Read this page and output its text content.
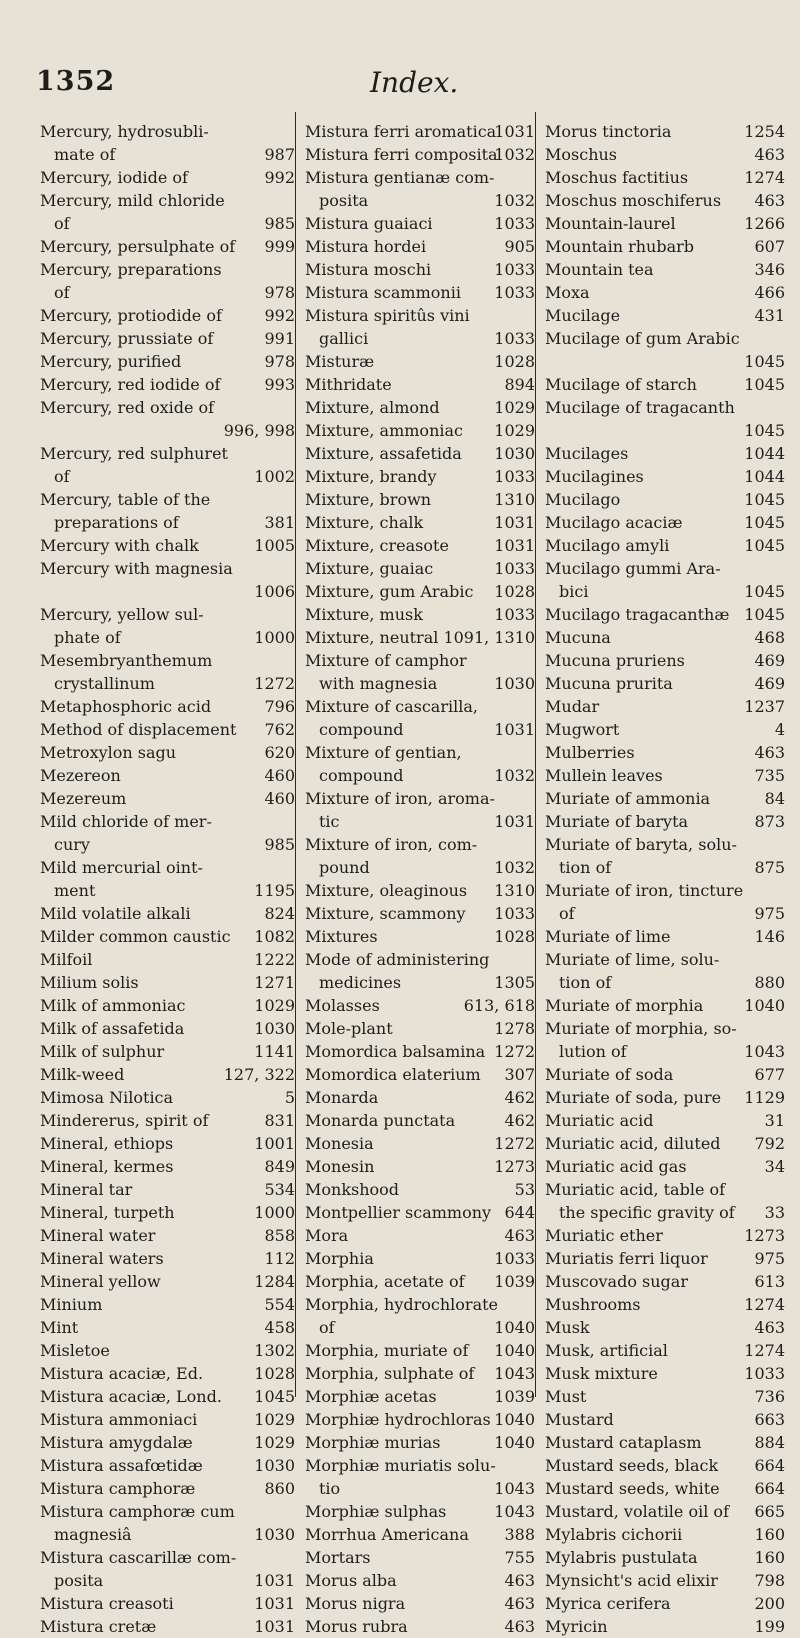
1352	Index.
Mercury, hydrosubli-
mate of	987
Mercury, iodide of	992
Mercury, mild chloride
of	985
Mercury, persulphate of	999
Mercury, preparations
of	978
Mercury, protiodide of	992
Mercury, prussiate of	991
Mercury, purified	978
Mercury, red iodide of	993
Mercury, red oxide of

996, 998
Mercury, red sulphuret
of	1002
Mercury, table of the
preparations of	381
Mercury with chalk	1005
Mercury with magnesia

1006
Mercury, yellow sul-
phate of	1000
Mesembryanthemum
crystallinum	1272
Metaphosphoric acid	796
Method of displacement	762
Metroxylon sagu	620
Mezereon	460
Mezereum	460
Mild chloride of mer-
cury	985
Mild mercurial oint-
ment	1195
Mild volatile alkali	824
Milder common caustic	1082
Milfoil	1222
Milium solis	1271
Milk of ammoniac	1029
Milk of assafetida	1030
Milk of sulphur	1141
Milk-weed	127, 322
Mimosa Nilotica	5
Mindererus, spirit of	831
Mineral, ethiops	1001
Mineral, kermes	849
Mineral tar	534
Mineral, turpeth	1000
Mineral water	858
Mineral waters	112
Mineral yellow	1284
Minium	554
Mint	458
Misletoe	1302
Mistura acaciæ, Ed.	1028
Mistura acaciæ, Lond.	1045
Mistura ammoniaci	1029
Mistura amygdalæ	1029
Mistura assafœtidæ	1030
Mistura camphoræ	860
Mistura camphoræ cum
magnesiâ	1030
Mistura cascarillæ com-
posita	1031
Mistura creasoti	1031
Mistura cretæ	1031
Mistura ferri aromatica
1031
Mistura ferri composita
1032
Mistura gentianæ com-
posita	1032
Mistura guaiaci	1033
Mistura hordei	905
Mistura moschi	1033
Mistura scammonii	1033
Mistura spiritûs vini
gallici	1033
Misturæ	1028
Mithridate	894
Mixture, almond	1029
Mixture, ammoniac	1029
Mixture, assafetida	1030
Mixture, brandy	1033
Mixture, brown	1310
Mixture, chalk	1031
Mixture, creasote	1031
Mixture, guaiac	1033
Mixture, gum Arabic	1028
Mixture, musk	1033
Mixture, neutral 1091, 1310
Mixture of camphor
with magnesia	1030
Mixture of cascarilla,
compound	1031
Mixture of gentian,
compound	1032
Mixture of iron, aroma-
tic	1031
Mixture of iron, com-
pound	1032
Mixture, oleaginous	1310
Mixture, scammony	1033
Mixtures	1028
Mode of administering
medicines	1305
Molasses	613, 618
Mole-plant	1278
Momordica balsamina 1272
Momordica elaterium	307
Monarda	462
Monarda punctata	462
Monesia	1272
Monesin	1273
Monkshood	53
Montpellier scammony 644
Mora	463
Morphia	1033
Morphia, acetate of	1039
Morphia, hydrochlorate
of	1040
Morphia, muriate of	1040
Morphia, sulphate of	1043
Morphiæ acetas	1039
Morphiæ hydrochloras 1040
Morphiæ murias	1040
Morphiæ muriatis solu-
tio	1043
Morphiæ sulphas	1043
Morrhua Americana	388
Mortars	755
Morus alba	463
Morus nigra	463
Morus rubra	463
Morus tinctoria	1254
Moschus	463
Moschus factitius	1274
Moschus moschiferus	463
Mountain-laurel	1266
Mountain rhubarb	607
Mountain tea	346
Moxa	466
Mucilage	431
Mucilage of gum Arabic

1045
Mucilage of starch	1045
Mucilage of tragacanth

1045
Mucilages	1044
Mucilagines	1044
Mucilago	1045
Mucilago acaciæ	1045
Mucilago amyli	1045
Mucilago gummi Ara-
bici	1045
Mucilago tragacanthæ 1045
Mucuna	468
Mucuna pruriens	469
Mucuna prurita	469
Mudar	1237
Mugwort	4
Mulberries	463
Mullein leaves	735
Muriate of ammonia	84
Muriate of baryta	873
Muriate of baryta, solu-
tion of	875
Muriate of iron, tincture
of	975
Muriate of lime	146
Muriate of lime, solu-
tion of	880
Muriate of morphia	1040
Muriate of morphia, so-
lution of	1043
Muriate of soda	677
Muriate of soda, pure	1129
Muriatic acid	31
Muriatic acid, diluted	792
Muriatic acid gas	34
Muriatic acid, table of
the specific gravity of	33
Muriatic ether	1273
Muriatis ferri liquor	975
Muscovado sugar	613
Mushrooms	1274
Musk	463
Musk, artificial	1274
Musk mixture	1033
Must	736
Mustard	663
Mustard cataplasm	884
Mustard seeds, black	664
Mustard seeds, white	664
Mustard, volatile oil of	665
Mylabris cichorii	160
Mylabris pustulata	160
Mynsicht's acid elixir	798
Myrica cerifera	200
Myricin	199
